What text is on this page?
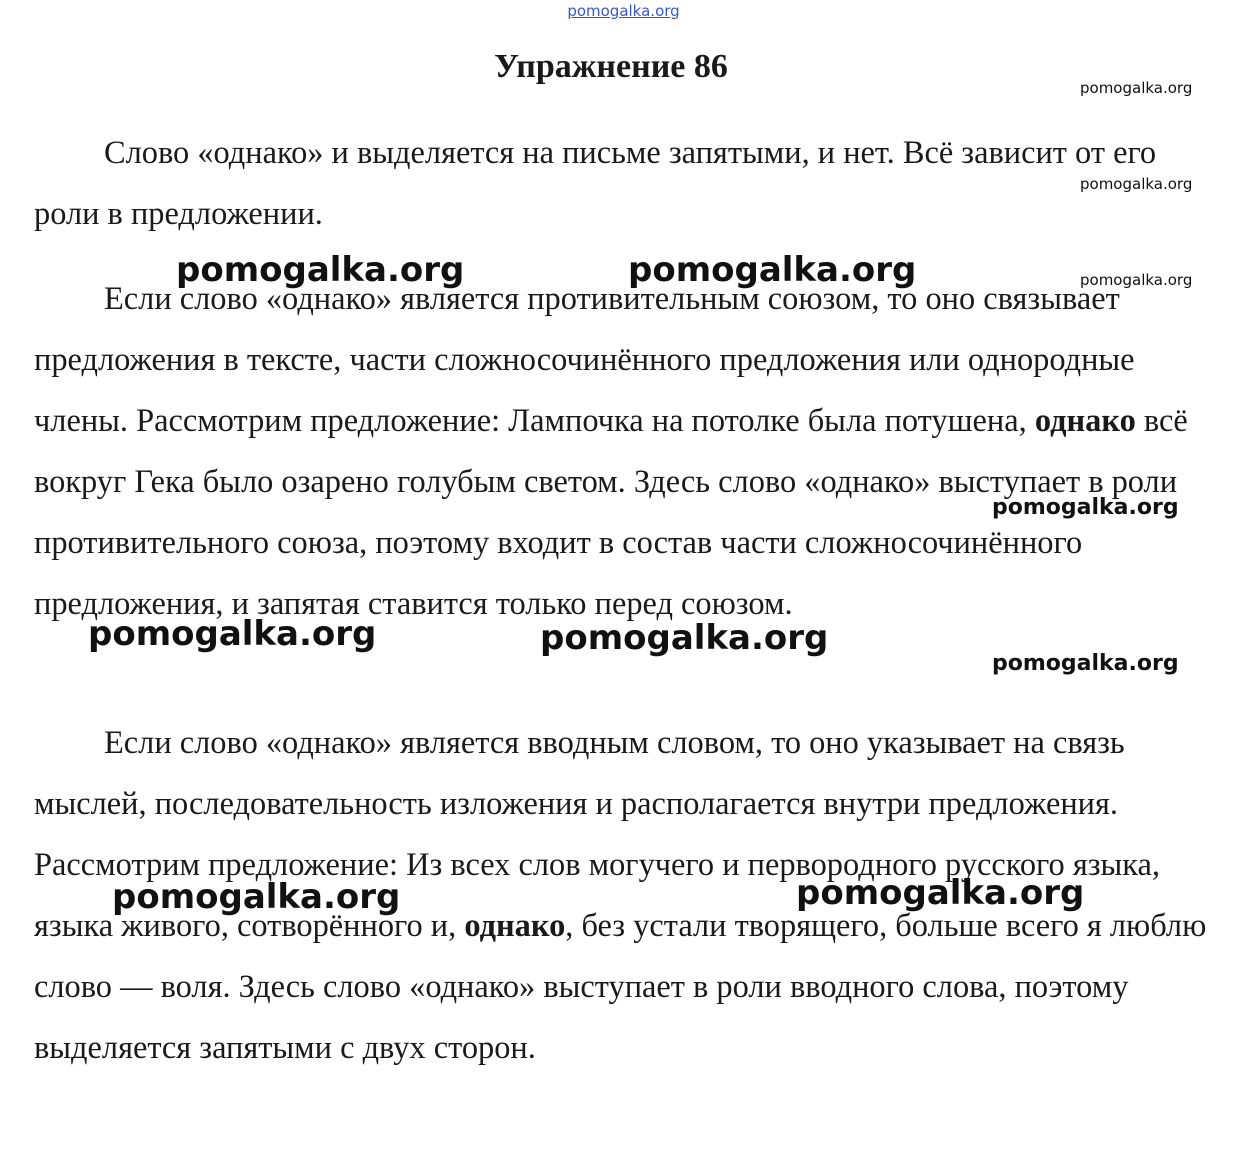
pomogalka.org
Упражнение 86

Слово «однако» и выделяется на письме запятыми, и нет. Всё зависит от его роли в предложении.

Если слово «однако» является противительным союзом, то оно связывает предложения в тексте, части сложносочинённого предложения или однородные члены. Рассмотрим предложение: Лампочка на потолке была потушена, однако всё вокруг Гека было озарено голубым светом. Здесь слово «однако» выступает в роли противительного союза, поэтому входит в состав части сложносочинённого предложения, и запятая ставится только перед союзом.

Если слово «однако» является вводным словом, то оно указывает на связь мыслей, последовательность изложения и располагается внутри предложения. Рассмотрим предложение: Из всех слов могучего и первородного русского языка, языка живого, сотворённого и, однако, без устали творящего, больше всего я люблю слово — воля. Здесь слово «однако» выступает в роли вводного слова, поэтому выделяется запятыми с двух сторон.

pomogalka.org
pomogalka.org
pomogalka.org
pomogalka.org	pomogalka.org
pomogalka.org
pomogalka.org	pomogalka.org
pomogalka.org
pomogalka.org	pomogalka.org
